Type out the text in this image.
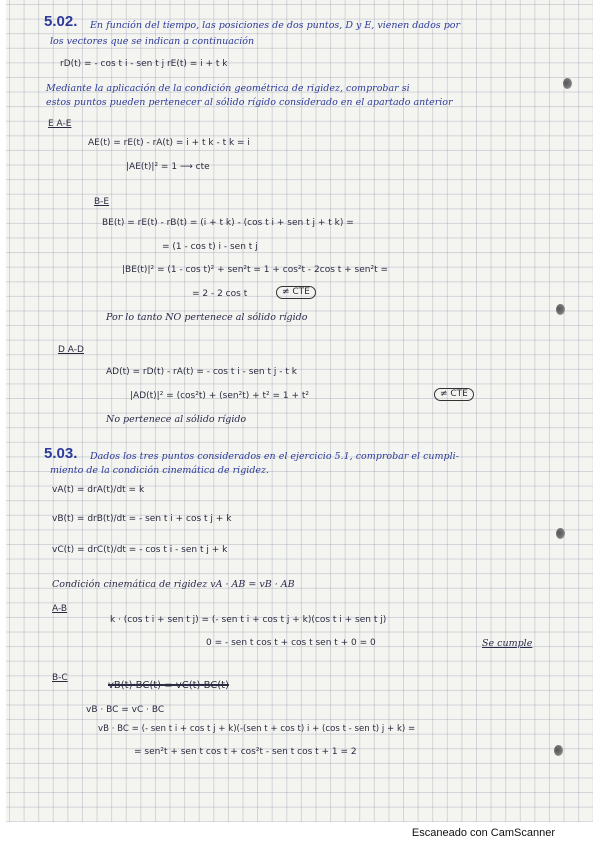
5.02. En función del tiempo, las posiciones de dos puntos, D y E, vienen dados por
los vectores que se indican a continuación
rD(t) = - cos t i - sen t j rE(t) = i + t k
Mediante la aplicación de la condición geométrica de rigidez, comprobar si
estos puntos pueden pertenecer al sólido rígido considerado en el apartado anterior
E A-E
AE(t) = rE(t) - rA(t) = i + t k - t k = i
|AE(t)|² = 1 ⟶ cte
B-E
BE(t) = rE(t) - rB(t) = (i + t k) - (cos t i + sen t j + t k) =
= (1 - cos t) i - sen t j
|BE(t)|² = (1 - cos t)² + sen²t = 1 + cos²t - 2cos t + sen²t =
= 2 - 2 cos t	≠ CTE
Por lo tanto NO pertenece al sólido rígido
D A-D
AD(t) = rD(t) - rA(t) = - cos t i - sen t j - t k
|AD(t)|² = (cos²t) + (sen²t) + t² = 1 + t²	≠ CTE
No pertenece al sólido rígido
5.03. Dados los tres puntos considerados en el ejercicio 5.1, comprobar el cumpli-
miento de la condición cinemática de rigidez.
vA(t) = drA(t)/dt = k
vB(t) = drB(t)/dt = - sen t i + cos t j + k
vC(t) = drC(t)/dt = - cos t i - sen t j + k
Condición cinemática de rigidez vA · AB = vB · AB
A-B
k · (cos t i + sen t j) = (- sen t i + cos t j + k)(cos t i + sen t j)
0 = - sen t cos t + cos t sen t + 0 = 0	Se cumple
B-C
vB(t)·BC(t) = vC(t)·BC(t)
vB · BC = vC · BC
vB · BC = (- sen t i + cos t j + k)(-(sen t + cos t) i + (cos t - sen t) j + k) =
= sen²t + sen t cos t + cos²t - sen t cos t + 1 = 2
Escaneado con CamScanner
